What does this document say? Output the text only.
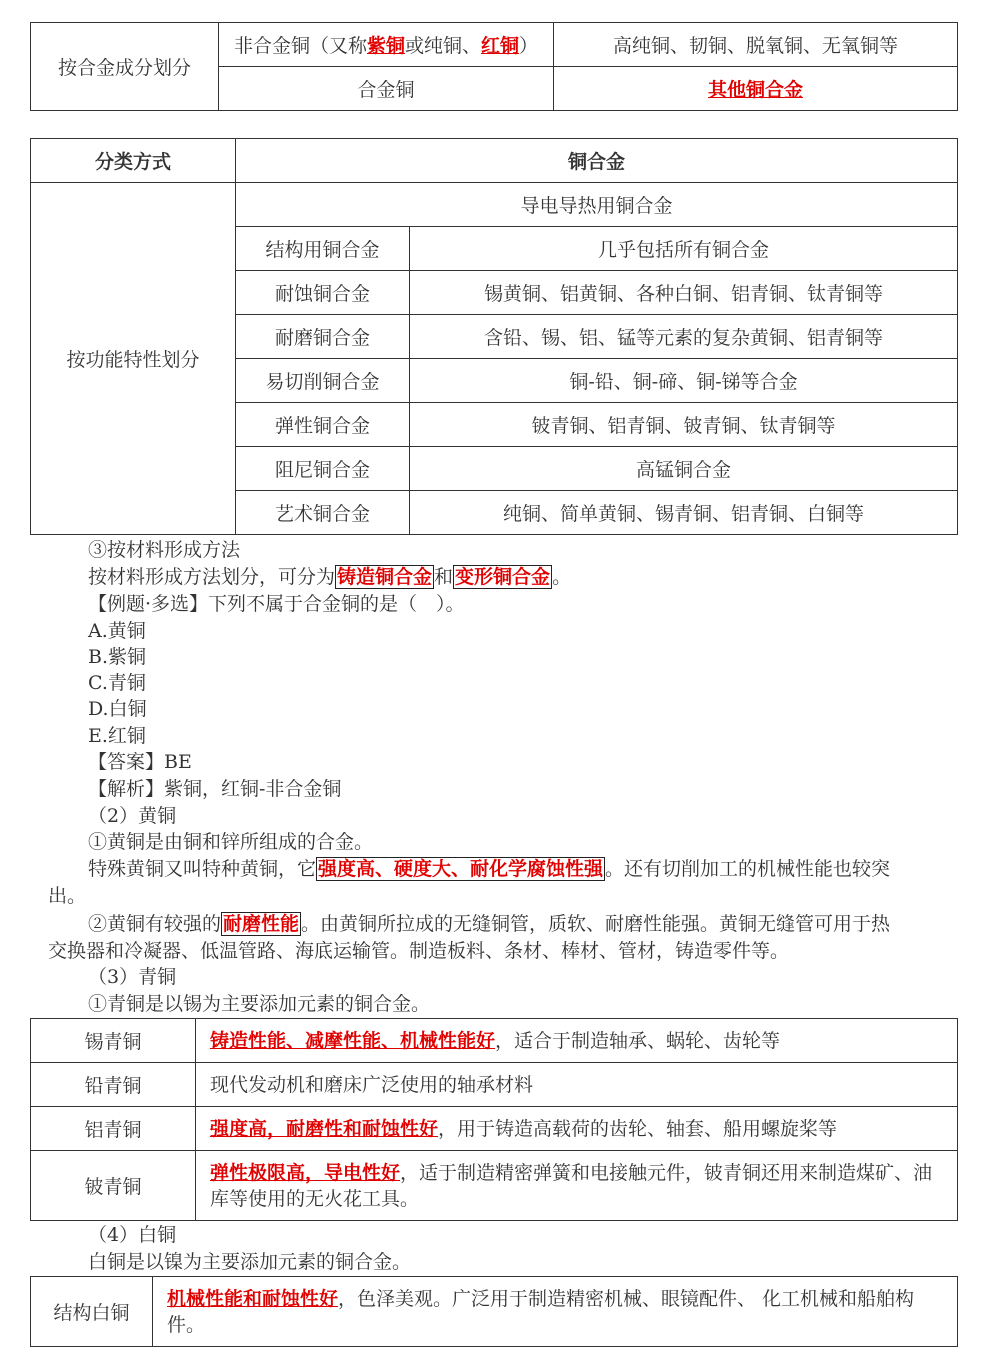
按合金成分划分	非合金铜（又称紫铜或纯铜、红铜）	高纯铜、韧铜、脱氧铜、无氧铜等
	合金铜	其他铜合金
分类方式	铜合金	
按功能特性划分	导电导热用铜合金	
	结构用铜合金	几乎包括所有铜合金
	耐蚀铜合金	锡黄铜、铝黄铜、各种白铜、铝青铜、钛青铜等
	耐磨铜合金	含铅、锡、铝、锰等元素的复杂黄铜、铝青铜等
	易切削铜合金	铜-铅、铜-碲、铜-锑等合金
	弹性铜合金	铍青铜、铝青铜、铍青铜、钛青铜等
	阻尼铜合金	高锰铜合金
	艺术铜合金	纯铜、简单黄铜、锡青铜、铝青铜、白铜等
③按材料形成方法
按材料形成方法划分，可分为 铸造铜合金 和 变形铜合金 。
【例题·多选】下列不属于合金铜的是（　）。
A.黄铜
B.紫铜
C.青铜
D.白铜
E.红铜
【答案】BE
【解析】紫铜，红铜-非合金铜
（2）黄铜
①黄铜是由铜和锌所组成的合金。
特殊黄铜又叫特种黄铜，它 强度高、硬度大、耐化学腐蚀性强 。还有切削加工的机械性能也较突
出。
②黄铜有较强的 耐磨性能 。由黄铜所拉成的无缝铜管，质软、耐磨性能强。黄铜无缝管可用于热
交换器和冷凝器、低温管路、海底运输管。制造板料、条材、棒材、管材，铸造零件等。
（3）青铜
①青铜是以锡为主要添加元素的铜合金。
锡青铜	铸造性能、减摩性能、机械性能好，适合于制造轴承、蜗轮、齿轮等
铅青铜	现代发动机和磨床广泛使用的轴承材料
铝青铜	强度高，耐磨性和耐蚀性好，用于铸造高载荷的齿轮、轴套、船用螺旋桨等
铍青铜	弹性极限高，导电性好，适于制造精密弹簧和电接触元件，铍青铜还用来制造煤矿、油库等使用的无火花工具。
（4）白铜
白铜是以镍为主要添加元素的铜合金。
结构白铜	机械性能和耐蚀性好，色泽美观。广泛用于制造精密机械、眼镜配件、 化工机械和船舶构件。
